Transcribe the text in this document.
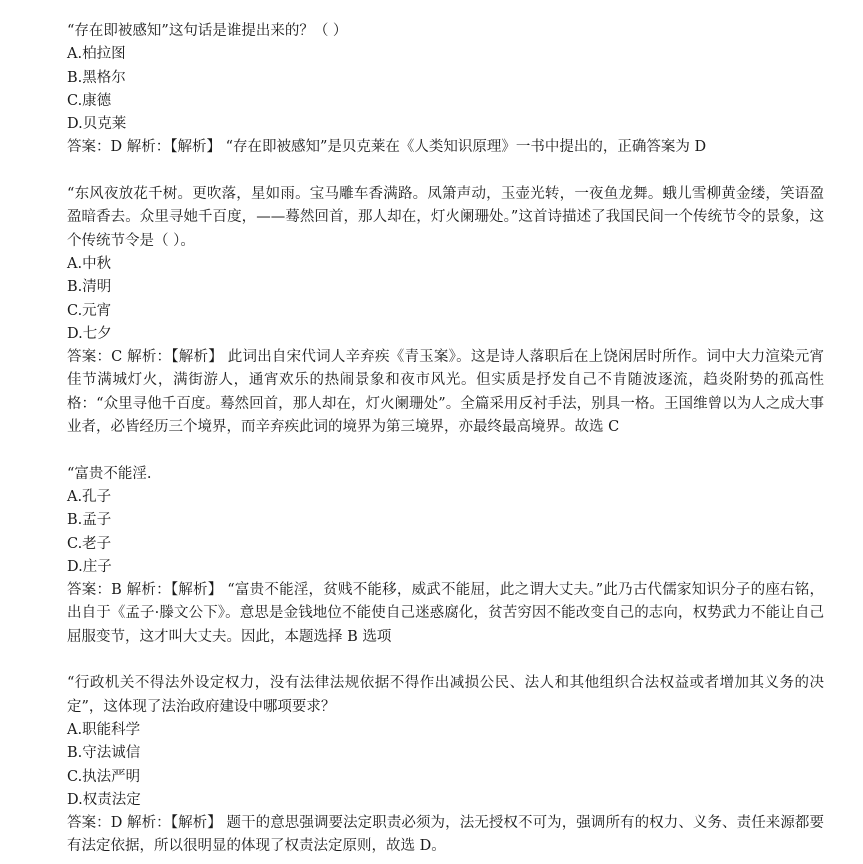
“存在即被感知”这句话是谁提出来的？（ ）
A.柏拉图
B.黑格尔
C.康德
D.贝克莱
答案：D 解析：【解析】 “存在即被感知”是贝克莱在《人类知识原理》一书中提出的，正确答案为 D
“东风夜放花千树。更吹落，星如雨。宝马雕车香满路。凤箫声动，玉壶光转，一夜鱼龙舞。蛾儿雪柳黄金缕，笑语盈盈暗香去。众里寻她千百度，——蓦然回首，那人却在，灯火阑珊处。”这首诗描述了我国民间一个传统节令的景象，这个传统节令是（ ）。
A.中秋
B.清明
C.元宵
D.七夕
答案：C 解析：【解析】 此词出自宋代词人辛弃疾《青玉案》。这是诗人落职后在上饶闲居时所作。词中大力渲染元宵佳节满城灯火，满街游人，通宵欢乐的热闹景象和夜市风光。但实质是抒发自己不肯随波逐流，趋炎附势的孤高性格：“众里寻他千百度。蓦然回首，那人却在，灯火阑珊处”。全篇采用反衬手法，别具一格。王国维曾以为人之成大事业者，必皆经历三个境界，而辛弃疾此词的境界为第三境界，亦最终最高境界。故选 C
“富贵不能淫.
A.孔子
B.孟子
C.老子
D.庄子
答案：B 解析：【解析】 “富贵不能淫，贫贱不能移，威武不能屈，此之谓大丈夫。”此乃古代儒家知识分子的座右铭，出自于《孟子·滕文公下》。意思是金钱地位不能使自己迷惑腐化，贫苦穷因不能改变自己的志向，权势武力不能让自己屈服变节，这才叫大丈夫。因此，本题选择 B 选项
“行政机关不得法外设定权力，没有法律法规依据不得作出减损公民、法人和其他组织合法权益或者增加其义务的决定”，这体现了法治政府建设中哪项要求？
A.职能科学
B.守法诚信
C.执法严明
D.权责法定
答案：D 解析：【解析】 题干的意思强调要法定职责必须为，法无授权不可为，强调所有的权力、义务、责任来源都要有法定依据，所以很明显的体现了权责法定原则，故选 D。
